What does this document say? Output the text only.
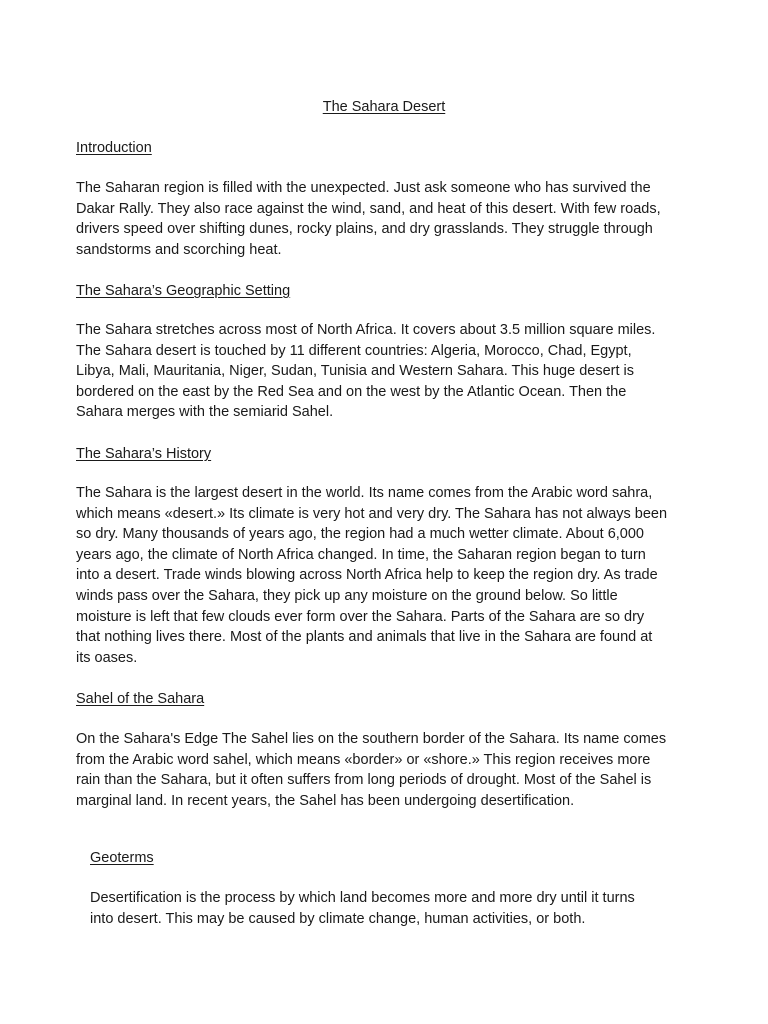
The Sahara Desert
Introduction
The Saharan region is filled with the unexpected. Just ask someone who has survived the
Dakar Rally. They also race against the wind, sand, and heat of this desert. With few roads,
drivers speed over shifting dunes, rocky plains, and dry grasslands. They struggle through
sandstorms and scorching heat.
The Sahara’s Geographic Setting
The Sahara stretches across most of North Africa. It covers about 3.5 million square miles.
The Sahara desert is touched by 11 different countries: Algeria, Morocco, Chad, Egypt,
Libya, Mali, Mauritania, Niger, Sudan, Tunisia and Western Sahara. This huge desert is
bordered on the east by the Red Sea and on the west by the Atlantic Ocean. Then the
Sahara merges with the semiarid Sahel.
The Sahara’s History
The Sahara is the largest desert in the world. Its name comes from the Arabic word sahra,
which means «desert.» Its climate is very hot and very dry. The Sahara has not always been
so dry. Many thousands of years ago, the region had a much wetter climate. About 6,000
years ago, the climate of North Africa changed. In time, the Saharan region began to turn
into a desert. Trade winds blowing across North Africa help to keep the region dry. As trade
winds pass over the Sahara, they pick up any moisture on the ground below. So little
moisture is left that few clouds ever form over the Sahara. Parts of the Sahara are so dry
that nothing lives there. Most of the plants and animals that live in the Sahara are found at
its oases.
Sahel of the Sahara
On the Sahara's Edge The Sahel lies on the southern border of the Sahara. Its name comes
from the Arabic word sahel, which means «border» or «shore.» This region receives more
rain than the Sahara, but it often suffers from long periods of drought. Most of the Sahel is
marginal land. In recent years, the Sahel has been undergoing desertification.
Geoterms
Desertification is the process by which land becomes more and more dry until it turns
into desert. This may be caused by climate change, human activities, or both.
